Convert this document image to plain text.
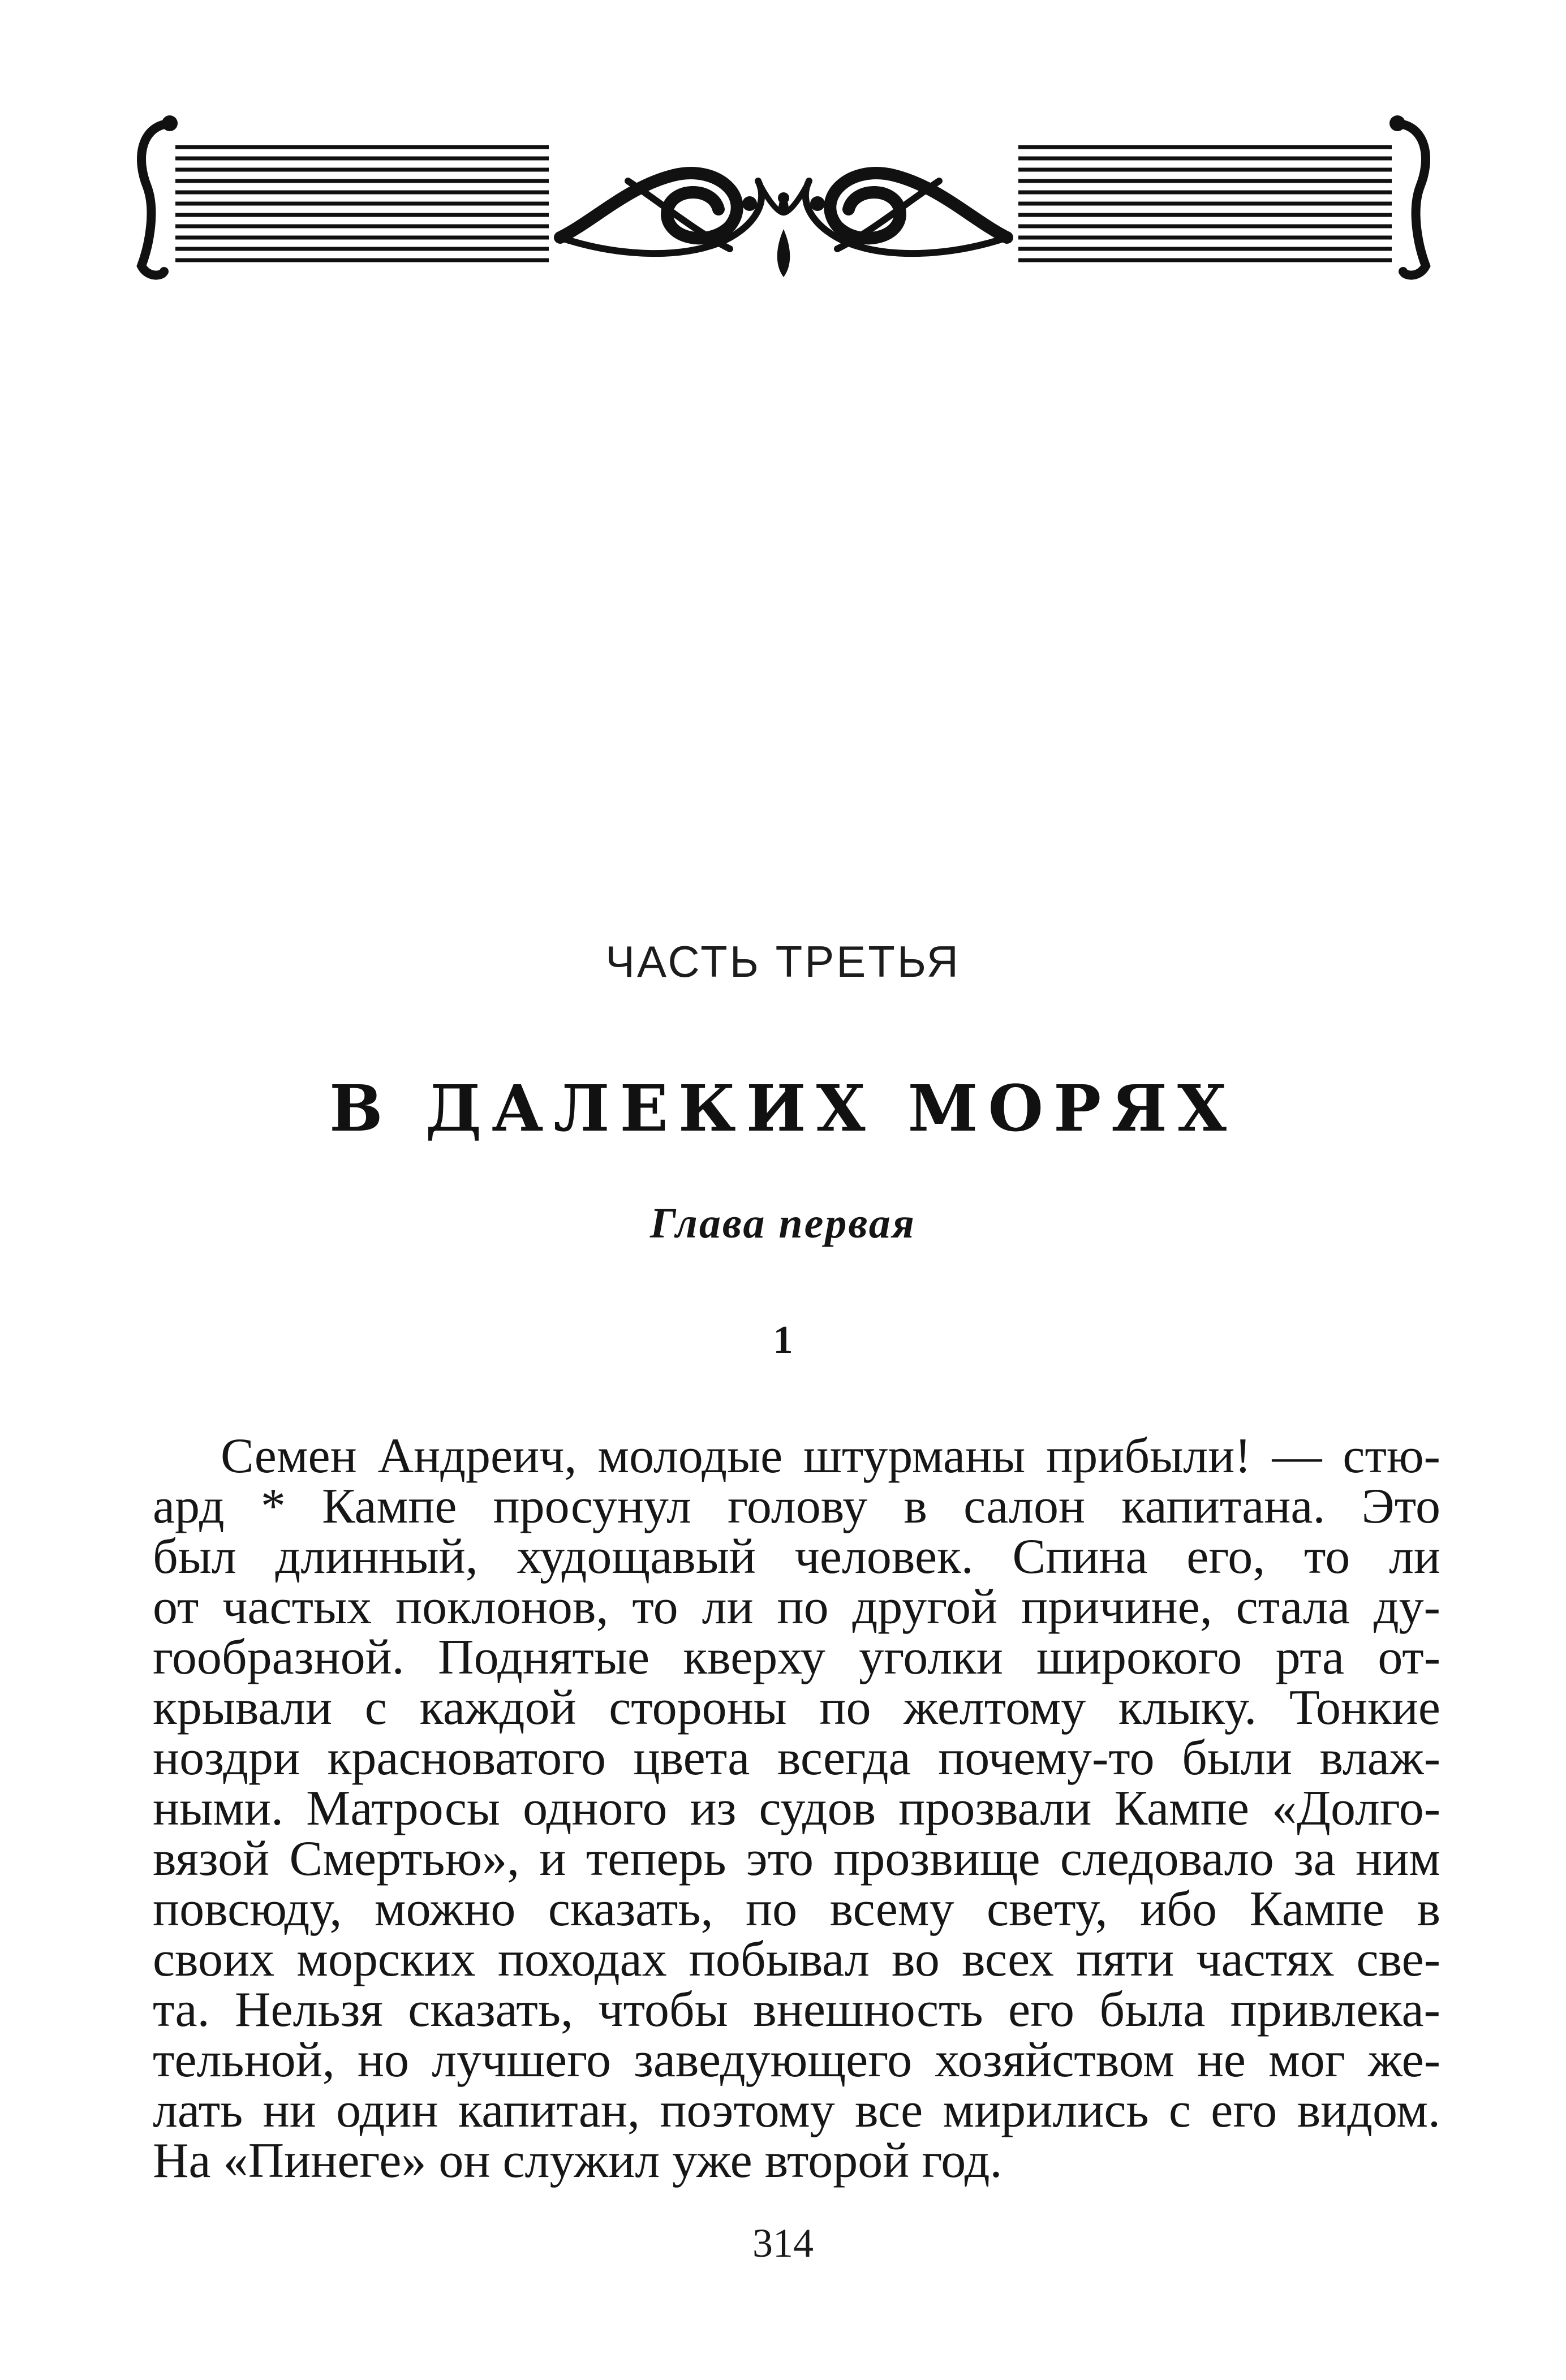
ЧАСТЬ ТРЕТЬЯ
В ДАЛЕКИХ МОРЯХ
Глава первая
1
Семен Андреич, молодые штурманы прибыли! — стю-
ард * Кампе просунул голову в салон капитана. Это
был длинный, худощавый человек. Спина его, то ли
от частых поклонов, то ли по другой причине, стала ду-
гообразной. Поднятые кверху уголки широкого рта от-
крывали с каждой стороны по желтому клыку. Тонкие
ноздри красноватого цвета всегда почему-то были влаж-
ными. Матросы одного из судов прозвали Кампе «Долго-
вязой Смертью», и теперь это прозвище следовало за ним
повсюду, можно сказать, по всему свету, ибо Кампе в
своих морских походах побывал во всех пяти частях све-
та. Нельзя сказать, чтобы внешность его была привлека-
тельной, но лучшего заведующего хозяйством не мог же-
лать ни один капитан, поэтому все мирились с его видом.
На «Пинеге» он служил уже второй год.
314
